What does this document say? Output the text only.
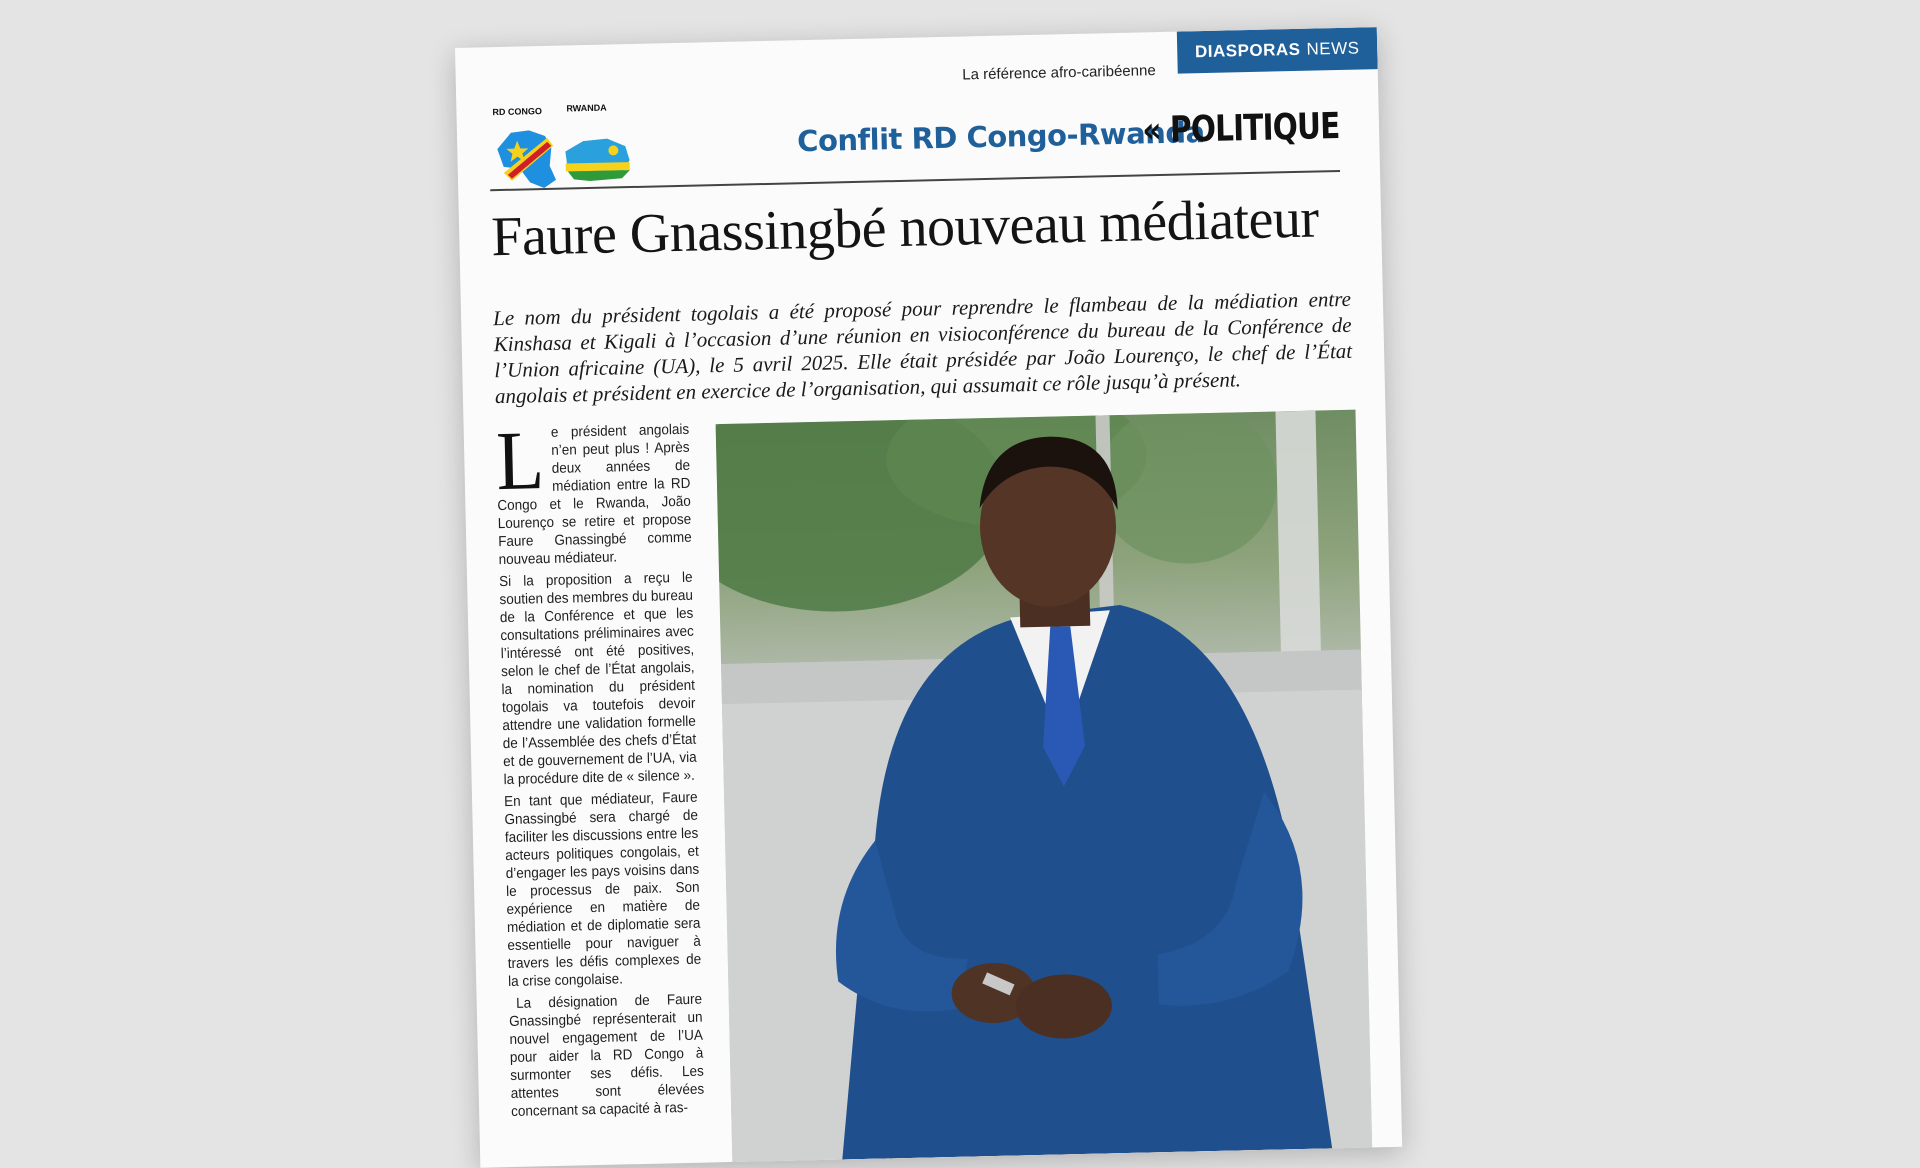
La référence afro-caribéenne
DIASPORAS NEWS
RD CONGO	RWANDA
Conflit RD Congo-Rwanda
« POLITIQUE
Faure Gnassingbé nouveau médiateur
Le nom du président togolais a été proposé pour reprendre le flambeau de la médiation entre Kinshasa et Kigali à l’occasion d’une réunion en visioconférence du bureau de la Conférence de l’Union africaine (UA), le 5 avril 2025. Elle était présidée par João Lourenço, le chef de l’État angolais et président en exercice de l’organisation, qui assumait ce rôle jusqu’à présent.

Le président angolais n’en peut plus ! Après deux années de médiation entre la RD Congo et le Rwanda, João Lourenço se retire et propose Faure Gnassingbé comme nouveau médiateur.

Si la proposition a reçu le soutien des membres du bureau de la Conférence et que les consultations préliminaires avec l’intéressé ont été positives, selon le chef de l’État angolais, la nomination du président togolais va toutefois devoir attendre une validation formelle de l’Assemblée des chefs d’État et de gouvernement de l’UA, via la procédure dite de « silence ».

En tant que médiateur, Faure Gnassingbé sera chargé de faciliter les discussions entre les acteurs politiques congolais, et d’engager les pays voisins dans le processus de paix. Son expérience en matière de médiation et de diplomatie sera essentielle pour naviguer à travers les défis complexes de la crise congolaise.

La désignation de Faure Gnassingbé représenterait un nouvel engagement de l’UA pour aider la RD Congo à surmonter ses défis. Les attentes sont élevées concernant sa capacité à ras-
